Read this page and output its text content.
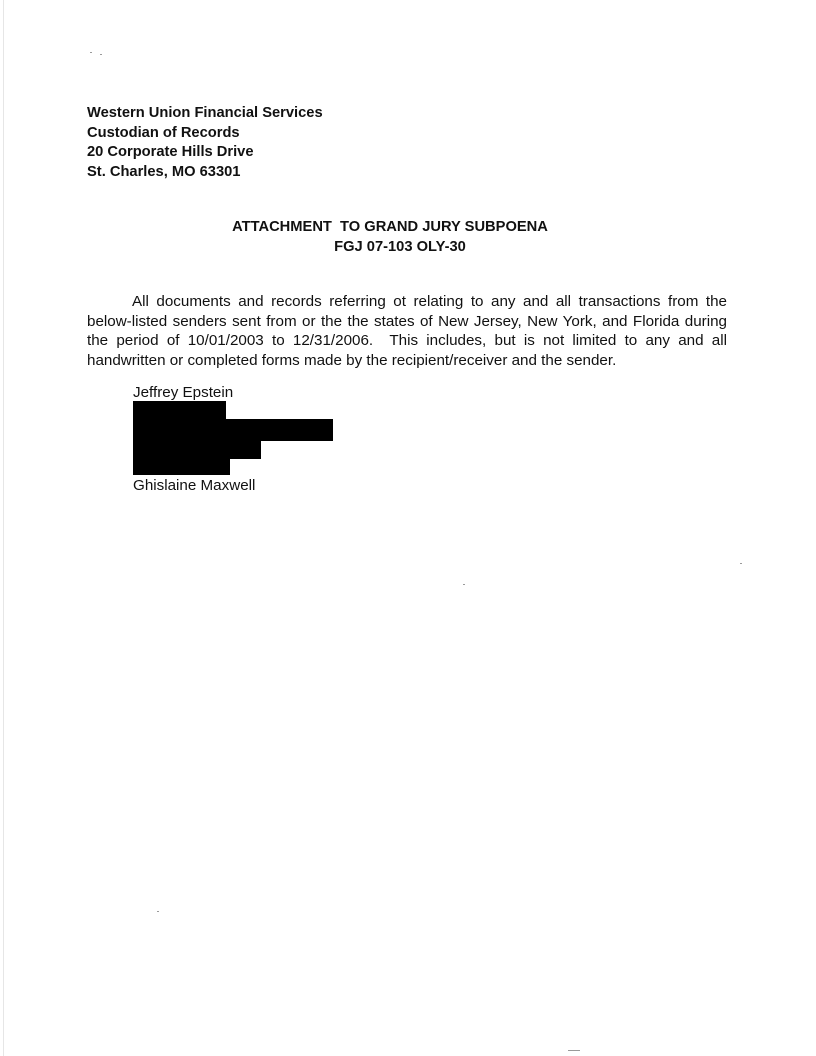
Western Union Financial Services
Custodian of Records
20 Corporate Hills Drive
St. Charles, MO 63301
ATTACHMENT  TO GRAND JURY SUBPOENA
FGJ 07-103 OLY-30

All documents and records referring ot relating to any and all transactions from the below-listed senders sent from or the the states of New Jersey, New York, and Florida during the period of 10/01/2003 to 12/31/2006.  This includes, but is not limited to any and all handwritten or completed forms made by the recipient/receiver and the sender.

Jeffrey Epstein
Ghislaine Maxwell
